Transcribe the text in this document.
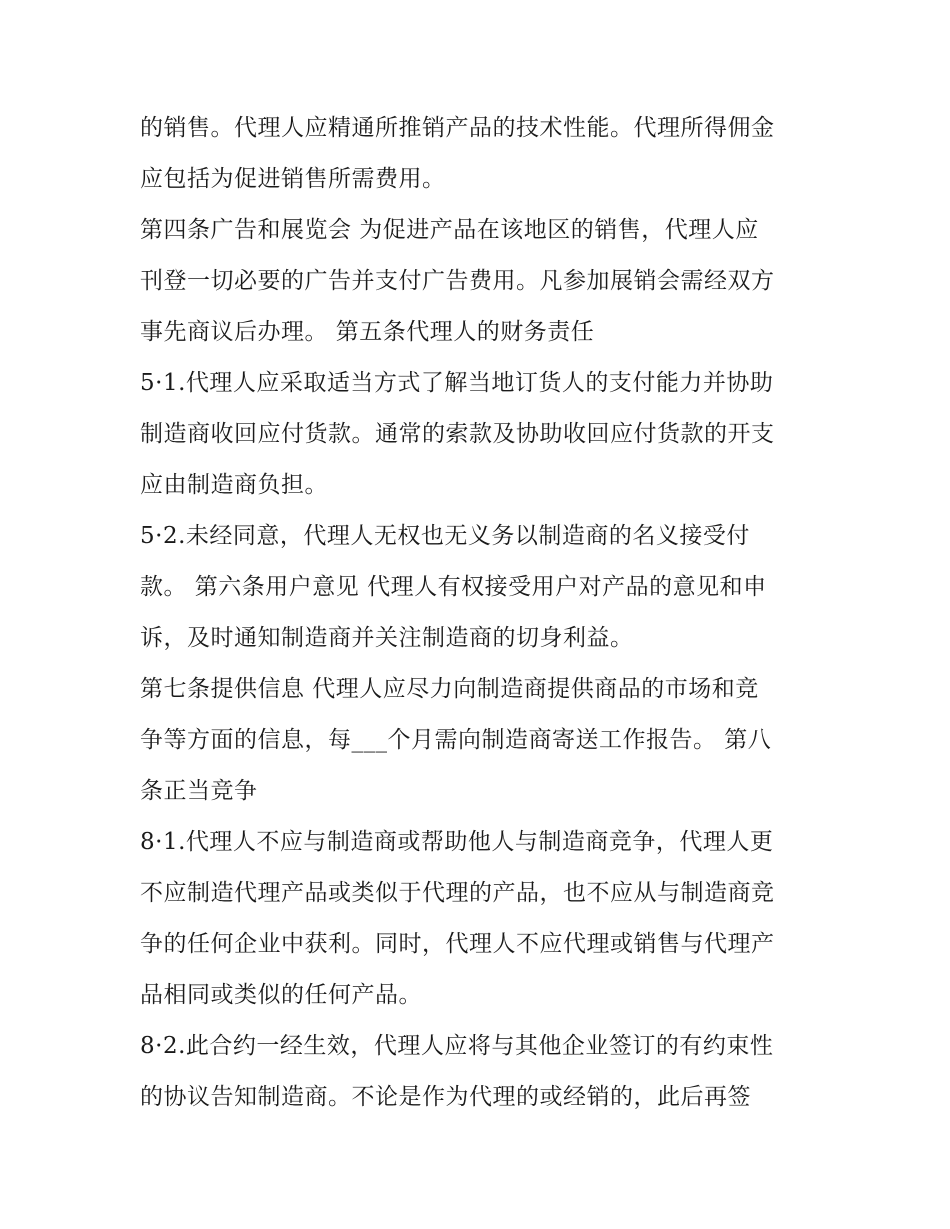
的销售。代理人应精通所推销产品的技术性能。代理所得佣金
应包括为促进销售所需费用。
第四条广告和展览会 为促进产品在该地区的销售，代理人应
刊登一切必要的广告并支付广告费用。凡参加展销会需经双方
事先商议后办理。 第五条代理人的财务责任
5·1.代理人应采取适当方式了解当地订货人的支付能力并协助
制造商收回应付货款。通常的索款及协助收回应付货款的开支
应由制造商负担。
5·2.未经同意，代理人无权也无义务以制造商的名义接受付
款。 第六条用户意见 代理人有权接受用户对产品的意见和申
诉，及时通知制造商并关注制造商的切身利益。
第七条提供信息 代理人应尽力向制造商提供商品的市场和竞
争等方面的信息，每___个月需向制造商寄送工作报告。 第八
条正当竞争
8·1.代理人不应与制造商或帮助他人与制造商竞争，代理人更
不应制造代理产品或类似于代理的产品，也不应从与制造商竞
争的任何企业中获利。同时，代理人不应代理或销售与代理产
品相同或类似的任何产品。
8·2.此合约一经生效，代理人应将与其他企业签订的有约束性
的协议告知制造商。不论是作为代理的或经销的，此后再签
